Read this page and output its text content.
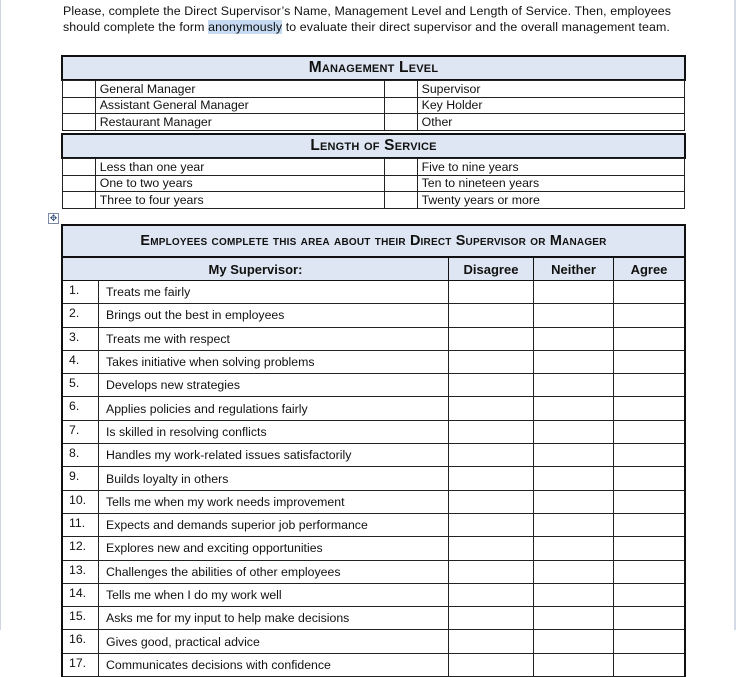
Please, complete the Direct Supervisor’s Name, Management Level and Length of Service. Then, employees should complete the form anonymously to evaluate their direct supervisor and the overall management team.

Management Level
	General Manager		Supervisor
	Assistant General Manager		Key Holder
	Restaurant Manager		Other
Length of Service
	Less than one year		Five to nine years
	One to two years		Ten to nineteen years
	Three to four years		Twenty years or more
✥
Employees complete this area about their Direct Supervisor or Manager				
My Supervisor:		Disagree	Neither	Agree
1.	Treats me fairly			
2.	Brings out the best in employees			
3.	Treats me with respect			
4.	Takes initiative when solving problems			
5.	Develops new strategies			
6.	Applies policies and regulations fairly			
7.	Is skilled in resolving conflicts			
8.	Handles my work-related issues satisfactorily			
9.	Builds loyalty in others			
10.	Tells me when my work needs improvement			
11.	Expects and demands superior job performance			
12.	Explores new and exciting opportunities			
13.	Challenges the abilities of other employees			
14.	Tells me when I do my work well			
15.	Asks me for my input to help make decisions			
16.	Gives good, practical advice			
17.	Communicates decisions with confidence			
